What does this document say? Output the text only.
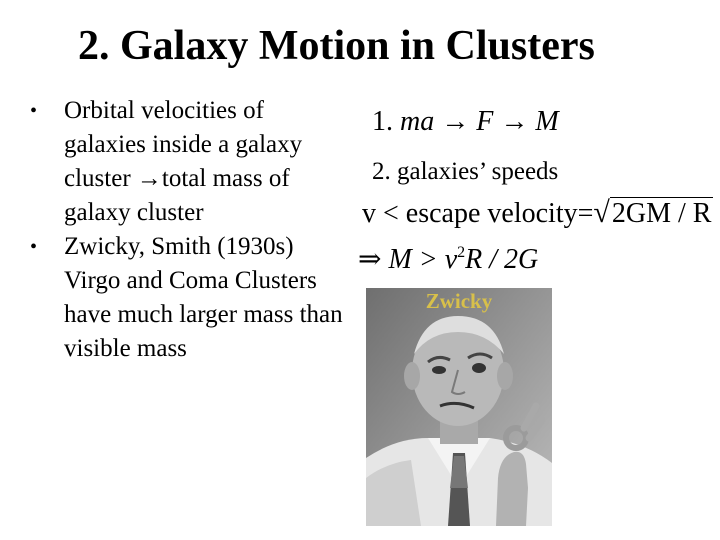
2. Galaxy Motion in Clusters
• Orbital velocities of galaxies inside a galaxy cluster →total mass of galaxy cluster
• Zwicky, Smith (1930s) Virgo and Coma Clusters have much larger mass than visible mass
1. ma → F → M
2. galaxies’ speeds
v < escape velocity=√2GM / R
⇒ $M > v^2R / 2G$
Zwicky
